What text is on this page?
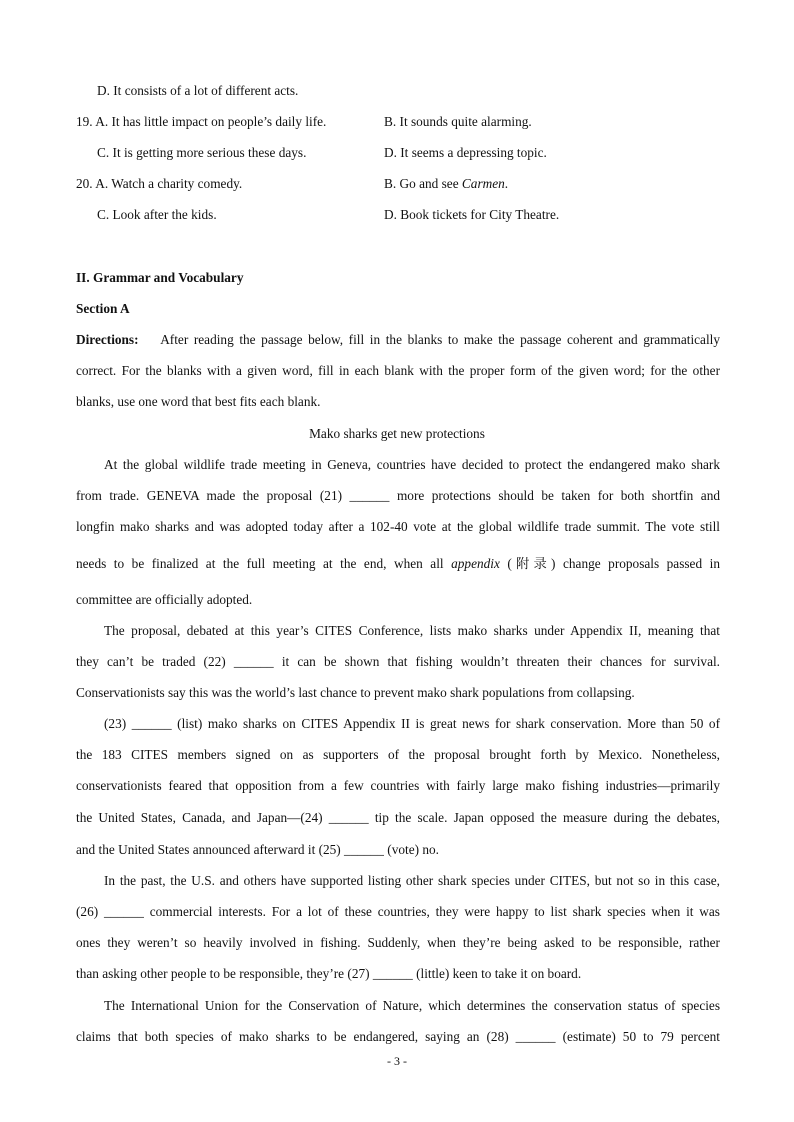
D. It consists of a lot of different acts.
19. A. It has little impact on people’s daily life.	B. It sounds quite alarming.
C. It is getting more serious these days.	D. It seems a depressing topic.
20. A. Watch a charity comedy.	B. Go and see Carmen.
C. Look after the kids.	D. Book tickets for City Theatre.
II. Grammar and Vocabulary
Section A
Directions: After reading the passage below, fill in the blanks to make the passage coherent and grammatically
correct. For the blanks with a given word, fill in each blank with the proper form of the given word; for the other
blanks, use one word that best fits each blank.
Mako sharks get new protections
At the global wildlife trade meeting in Geneva, countries have decided to protect the endangered mako shark
from trade. GENEVA made the proposal (21) ______ more protections should be taken for both shortfin and
longfin mako sharks and was adopted today after a 102-40 vote at the global wildlife trade summit. The vote still
needs to be finalized at the full meeting at the end, when all appendix (附录) change proposals passed in
committee are officially adopted.
The proposal, debated at this year’s CITES Conference, lists mako sharks under Appendix II, meaning that
they can’t be traded (22) ______ it can be shown that fishing wouldn’t threaten their chances for survival.
Conservationists say this was the world’s last chance to prevent mako shark populations from collapsing.
(23) ______ (list) mako sharks on CITES Appendix II is great news for shark conservation. More than 50 of
the 183 CITES members signed on as supporters of the proposal brought forth by Mexico. Nonetheless,
conservationists feared that opposition from a few countries with fairly large mako fishing industries—primarily
the United States, Canada, and Japan—(24) ______ tip the scale. Japan opposed the measure during the debates,
and the United States announced afterward it (25) ______ (vote) no.
In the past, the U.S. and others have supported listing other shark species under CITES, but not so in this case,
(26) ______ commercial interests. For a lot of these countries, they were happy to list shark species when it was
ones they weren’t so heavily involved in fishing. Suddenly, when they’re being asked to be responsible, rather
than asking other people to be responsible, they’re (27) ______ (little) keen to take it on board.
The International Union for the Conservation of Nature, which determines the conservation status of species
claims that both species of mako sharks to be endangered, saying an (28) ______ (estimate) 50 to 79 percent
- 3 -
